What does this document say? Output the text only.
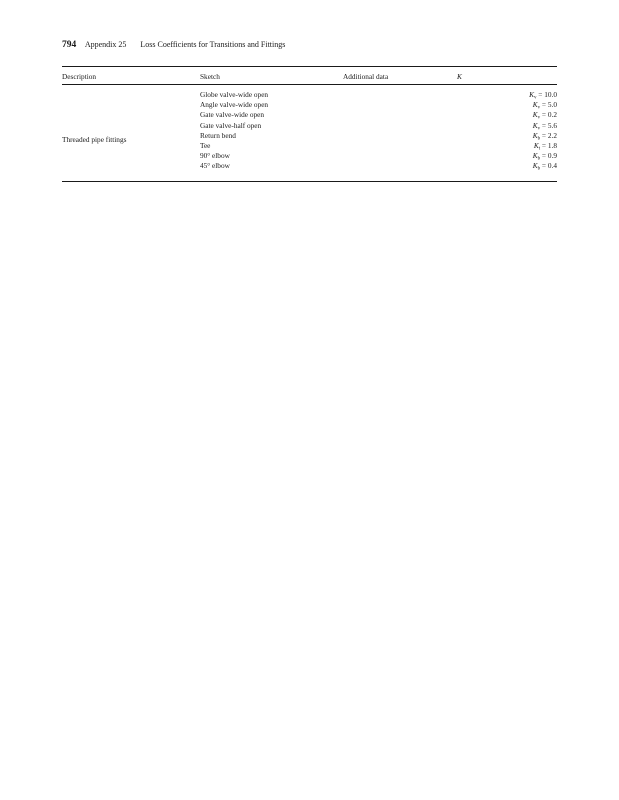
794 Appendix 25 Loss Coefficients for Transitions and Fittings
Description	Sketch	Additional data	K
Threaded pipe fittings
Globe valve-wide open	$K_v = 10.0$
Angle valve-wide open	$K_v = 5.0$
Gate valve-wide open	$K_v = 0.2$
Gate valve-half open	$K_v = 5.6$
Return bend	$K_b = 2.2$
Tee	$K_t = 1.8$
90° elbow	$K_b = 0.9$
45° elbow	$K_b = 0.4$
